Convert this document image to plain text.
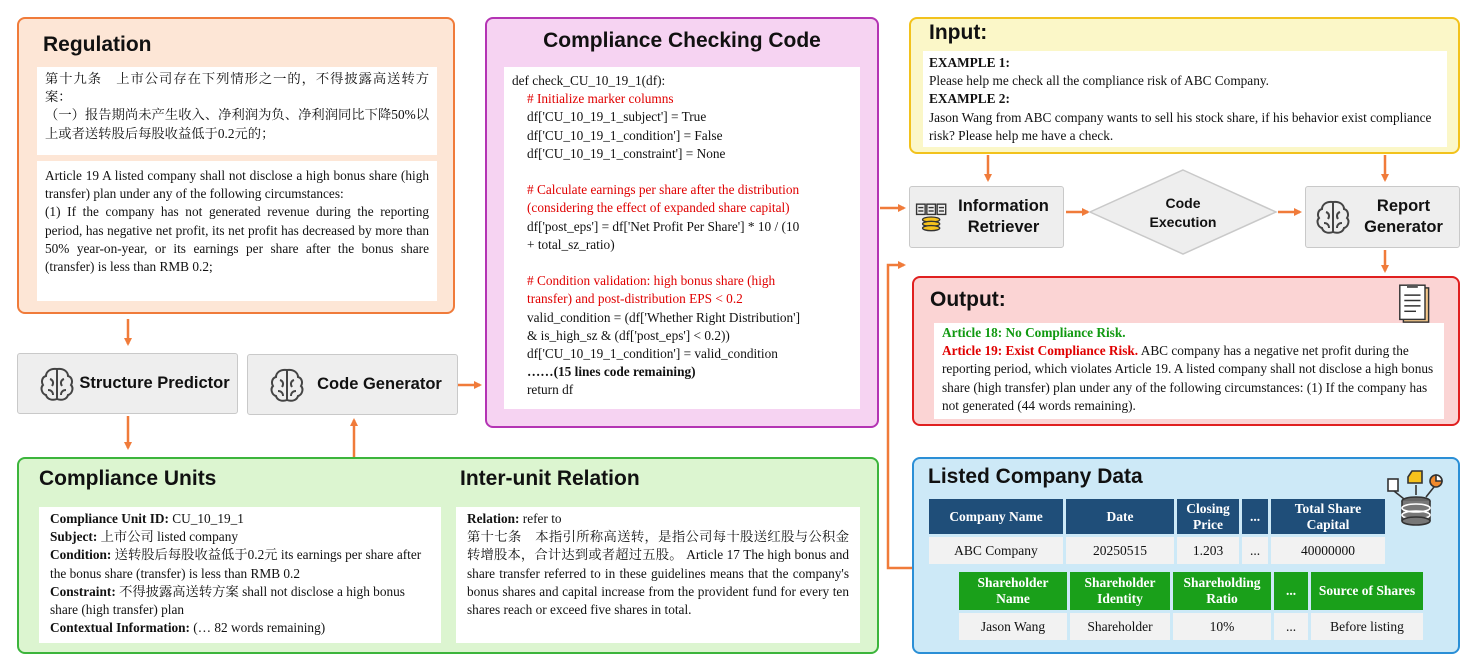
Regulation

第十九条　上市公司存在下列情形之一的，不得披露高送转方案：

（一）报告期尚未产生收入、净利润为负、净利润同比下降50%以上或者送转股后每股收益低于0.2元的；

Article 19 A listed company shall not disclose a high bonus share (high transfer) plan under any of the following circumstances:

(1) If the company has not generated revenue during the reporting period, has negative net profit, its net profit has decreased by more than 50% year-on-year, or its earnings per share after the bonus share (transfer) is less than RMB 0.2;

Structure Predictor	Code Generator
Compliance Checking Code
def check_CU_10_19_1(df):
# Initialize marker columns
df['CU_10_19_1_subject'] = True
df['CU_10_19_1_condition'] = False
df['CU_10_19_1_constraint'] = None
# Calculate earnings per share after the distribution
(considering the effect of expanded share capital)
df['post_eps'] = df['Net Profit Per Share'] * 10 / (10
+ total_sz_ratio)
# Condition validation: high bonus share (high
transfer) and post-distribution EPS < 0.2
valid_condition = (df['Whether Right Distribution']
& is_high_sz & (df['post_eps'] < 0.2))
df['CU_10_19_1_condition'] = valid_condition
……(15 lines code remaining)
return df
Input:

EXAMPLE 1:

Please help me check all the compliance risk of ABC Company.

EXAMPLE 2:

Jason Wang from ABC company wants to sell his stock share, if his behavior exist compliance risk? Please help me have a check.

Information Retriever
Code Execution
Report Generator
Output:

Article 18: No Compliance Risk.

Article 19: Exist Compliance Risk. ABC company has a negative net profit during the reporting period, which violates Article 19. A listed company shall not disclose a high bonus share (high transfer) plan under any of the following circumstances: (1) If the company has not generated (44 words remaining).

Compliance Units	Inter-unit Relation

Compliance Unit ID: CU_10_19_1

Subject: 上市公司 listed company

Condition: 送转股后每股收益低于0.2元 its earnings per share after the bonus share (transfer) is less than RMB 0.2

Constraint: 不得披露高送转方案 shall not disclose a high bonus share (high transfer) plan

Contextual Information: (… 82 words remaining)

Relation: refer to

第十七条　本指引所称高送转，是指公司每十股送红股与公积金转增股本，合计达到或者超过五股。 Article 17 The high bonus and share transfer referred to in these guidelines means that the company's bonus shares and capital increase from the provident fund for every ten shares reach or exceed five shares in total.

Listed Company Data
Company Name	Date	Closing Price	...	Total Share Capital
ABC Company	20250515	1.203	...	40000000
Shareholder Name	Shareholder Identity	Shareholding Ratio	...	Source of Shares
Jason Wang	Shareholder	10%	...	Before listing
